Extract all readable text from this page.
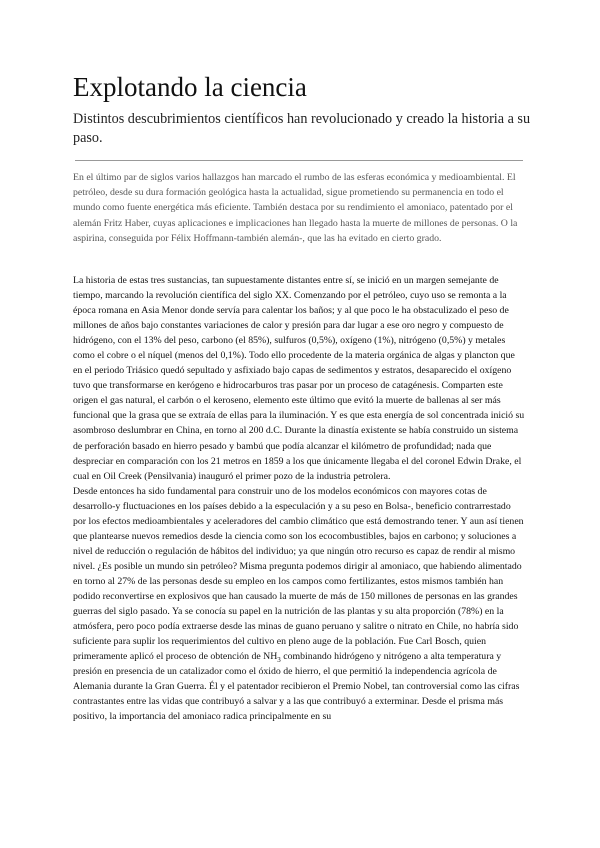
Explotando la ciencia

Distintos descubrimientos científicos han revolucionado y creado la historia a su paso.

En el último par de siglos varios hallazgos han marcado el rumbo de las esferas económica y medioambiental. El petróleo, desde su dura formación geológica hasta la actualidad, sigue prometiendo su permanencia en todo el mundo como fuente energética más eficiente. También destaca por su rendimiento el amoniaco, patentado por el alemán Fritz Haber, cuyas aplicaciones e implicaciones han llegado hasta la muerte de millones de personas. O la aspirina, conseguida por Félix Hoffmann-también alemán-, que las ha evitado en cierto grado.

La historia de estas tres sustancias, tan supuestamente distantes entre sí, se inició en un margen semejante de tiempo, marcando la revolución científica del siglo XX. Comenzando por el petróleo, cuyo uso se remonta a la época romana en Asia Menor donde servía para calentar los baños; y al que poco le ha obstaculizado el peso de millones de años bajo constantes variaciones de calor y presión para dar lugar a ese oro negro y compuesto de hidrógeno, con el 13% del peso, carbono (el 85%), sulfuros (0,5%), oxígeno (1%), nitrógeno (0,5%) y metales como el cobre o el níquel (menos del 0,1%). Todo ello procedente de la materia orgánica de algas y plancton que en el periodo Triásico quedó sepultado y asfixiado bajo capas de sedimentos y estratos, desaparecido el oxígeno tuvo que transformarse en kerógeno e hidrocarburos tras pasar por un proceso de catagénesis. Comparten este origen el gas natural, el carbón o el keroseno, elemento este último que evitó la muerte de ballenas al ser más funcional que la grasa que se extraía de ellas para la iluminación. Y es que esta energía de sol concentrada inició su asombroso deslumbrar en China, en torno al 200 d.C. Durante la dinastía existente se había construido un sistema de perforación basado en hierro pesado y bambú que podía alcanzar el kilómetro de profundidad; nada que despreciar en comparación con los 21 metros en 1859 a los que únicamente llegaba el del coronel Edwin Drake, el cual en Oil Creek (Pensilvania) inauguró el primer pozo de la industria petrolera.

Desde entonces ha sido fundamental para construir uno de los modelos económicos con mayores cotas de desarrollo-y fluctuaciones en los países debido a la especulación y a su peso en Bolsa-, beneficio contrarrestado por los efectos medioambientales y aceleradores del cambio climático que está demostrando tener. Y aun así tienen que plantearse nuevos remedios desde la ciencia como son los ecocombustibles, bajos en carbono; y soluciones a nivel de reducción o regulación de hábitos del individuo; ya que ningún otro recurso es capaz de rendir al mismo nivel. ¿Es posible un mundo sin petróleo? Misma pregunta podemos dirigir al amoniaco, que habiendo alimentado en torno al 27% de las personas desde su empleo en los campos como fertilizantes, estos mismos también han podido reconvertirse en explosivos que han causado la muerte de más de 150 millones de personas en las grandes guerras del siglo pasado. Ya se conocía su papel en la nutrición de las plantas y su alta proporción (78%) en la atmósfera, pero poco podía extraerse desde las minas de guano peruano y salitre o nitrato en Chile, no habría sido suficiente para suplir los requerimientos del cultivo en pleno auge de la población. Fue Carl Bosch, quien primeramente aplicó el proceso de obtención de $NH_3$ combinando hidrógeno y nitrógeno a alta temperatura y presión en presencia de un catalizador como el óxido de hierro, el que permitió la independencia agrícola de Alemania durante la Gran Guerra. Él y el patentador recibieron el Premio Nobel, tan controversial como las cifras contrastantes entre las vidas que contribuyó a salvar y a las que contribuyó a exterminar. Desde el prisma más positivo, la importancia del amoniaco radica principalmente en su
